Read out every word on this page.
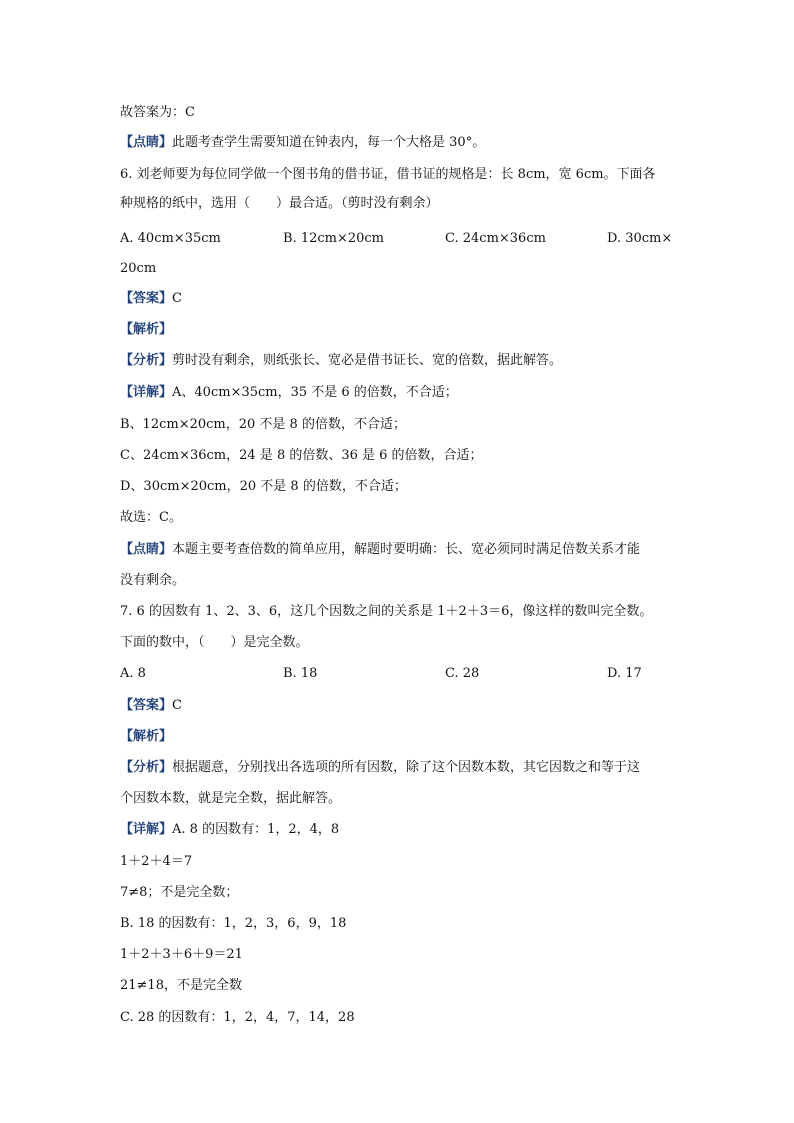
故答案为：C
【点睛】此题考查学生需要知道在钟表内，每一个大格是 30°。
6. 刘老师要为每位同学做一个图书角的借书证，借书证的规格是：长 8cm，宽 6cm。下面各
种规格的纸中，选用（　　）最合适。（剪时没有剩余）
A. 40cm×35cm	B. 12cm×20cm	C. 24cm×36cm	D. 30cm×
20cm
【答案】C
【解析】
【分析】剪时没有剩余，则纸张长、宽必是借书证长、宽的倍数，据此解答。
【详解】A、40cm×35cm，35 不是 6 的倍数，不合适；
B、12cm×20cm，20 不是 8 的倍数，不合适；
C、24cm×36cm，24 是 8 的倍数、36 是 6 的倍数，合适；
D、30cm×20cm，20 不是 8 的倍数，不合适；
故选：C。
【点睛】本题主要考查倍数的简单应用，解题时要明确：长、宽必须同时满足倍数关系才能
没有剩余。
7. 6 的因数有 1、2、3、6，这几个因数之间的关系是 1＋2＋3＝6，像这样的数叫完全数。
下面的数中，（　　）是完全数。
A. 8	B. 18	C. 28	D. 17
【答案】C
【解析】
【分析】根据题意，分别找出各选项的所有因数，除了这个因数本数，其它因数之和等于这
个因数本数，就是完全数，据此解答。
【详解】A. 8 的因数有：1，2，4，8
1＋2＋4＝7
7≠8；不是完全数；
B. 18 的因数有：1，2，3，6，9，18
1＋2＋3＋6＋9＝21
21≠18，不是完全数
C. 28 的因数有：1，2，4，7，14，28
